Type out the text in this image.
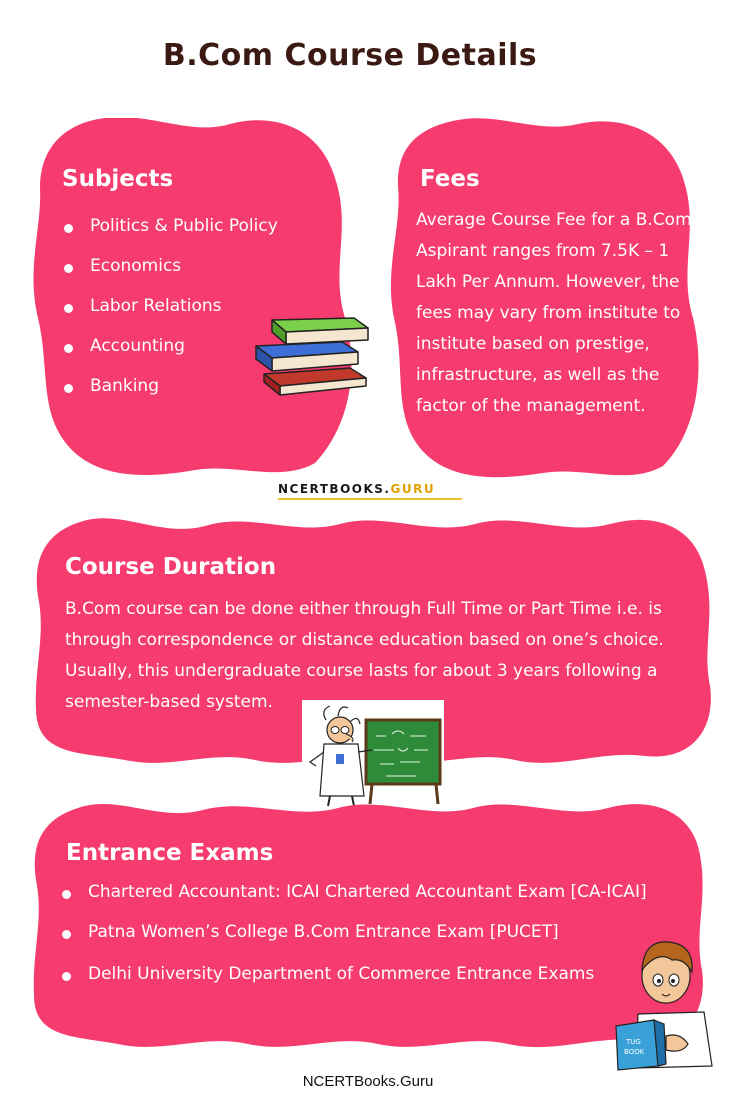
B.Com Course Details
Subjects
Politics & Public Policy
Economics
Labor Relations
Accounting
Banking
Fees

Average Course Fee for a B.Com
Aspirant ranges from 7.5K – 1
Lakh Per Annum. However, the
fees may vary from institute to
institute based on prestige,
infrastructure, as well as the
factor of the management.

NCERTBOOKS.GURU
Course Duration

B.Com course can be done either through Full Time or Part Time i.e. is
through correspondence or distance education based on one’s choice.
Usually, this undergraduate course lasts for about 3 years following a
semester-based system.

Entrance Exams
Chartered Accountant: ICAI Chartered Accountant Exam [CA-ICAI]
Patna Women’s College B.Com Entrance Exam [PUCET]
Delhi University Department of Commerce Entrance Exams
TUG
BOOK
NCERTBooks.Guru
